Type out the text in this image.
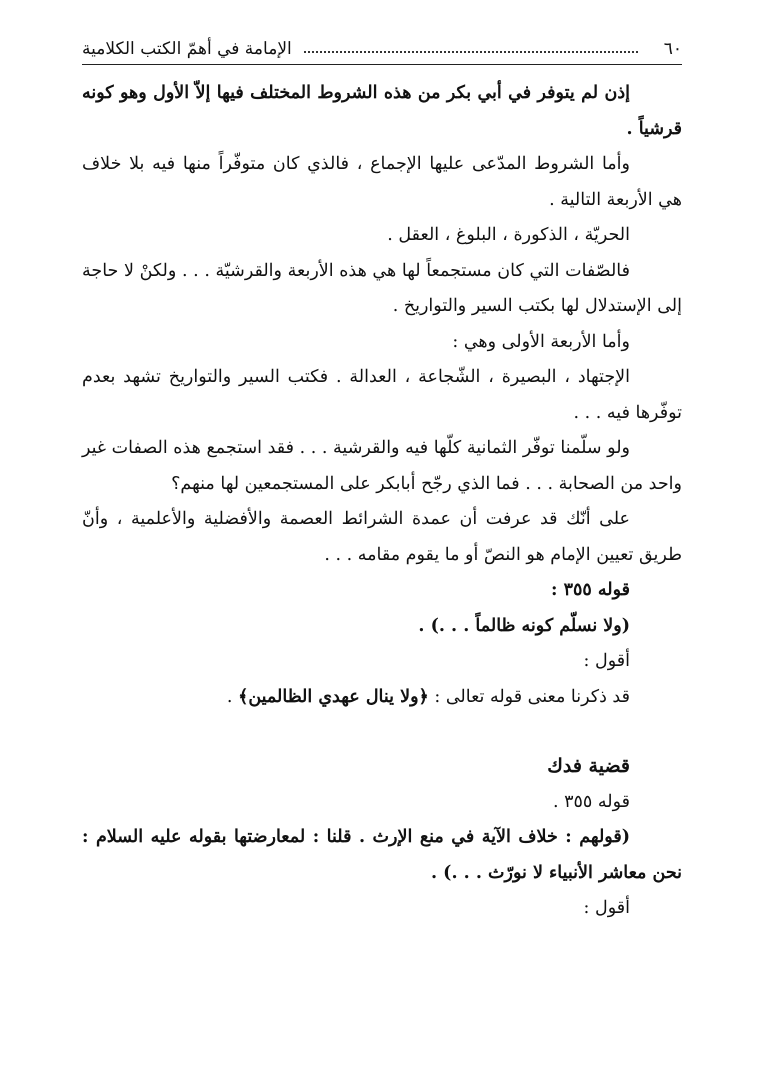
٦٠
الإمامة في أهمّ الكتب الكلامية

إذن لم يتوفر في أبي بكر من هذه الشروط المختلف فيها إلاّ الأول وهو كونه قرشياً .

وأما الشروط المدّعى عليها الإجماع ، فالذي كان متوفّراً منها فيه بلا خلاف هي الأربعة التالية .

الحريّة ، الذكورة ، البلوغ ، العقل .

فالصّفات التي كان مستجمعاً لها هي هذه الأربعة والقرشيّة . . . ولكنْ لا حاجة إلى الإستدلال لها بكتب السير والتواريخ .

وأما الأربعة الأولى وهي :

الإجتهاد ، البصيرة ، الشّجاعة ، العدالة . فكتب السير والتواريخ تشهد بعدم توفّرها فيه . . .

ولو سلّمنا توفّر الثمانية كلّها فيه والقرشية . . . فقد استجمع هذه الصفات غير واحد من الصحابة . . . فما الذي رجّح أبابكر على المستجمعين لها منهم؟

على أنّك قد عرفت أن عمدة الشرائط العصمة والأفضلية والأعلمية ، وأنّ طريق تعيين الإمام هو النصّ أو ما يقوم مقامه . . .

قوله ٣٥٥ :

(ولا نسلّم كونه ظالماً . . .) .

أقول :

قد ذكرنا معنى قوله تعالى : ﴿ولا ينال عهدي الظالمين﴾ .

قضية فدك

قوله ٣٥٥ .

(قولهم : خلاف الآية في منع الإرث . قلنا : لمعارضتها بقوله عليه السلام :

نحن معاشر الأنبياء لا نورّث . . .) .

أقول :
